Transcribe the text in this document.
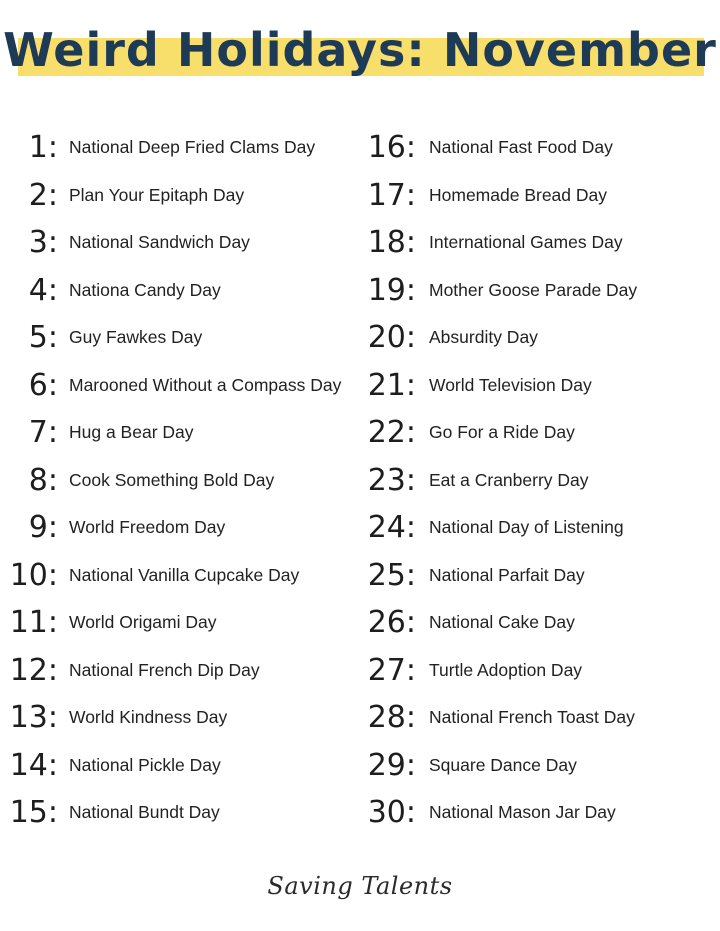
Weird Holidays: November
1: National Deep Fried Clams Day
2: Plan Your Epitaph Day
3: National Sandwich Day
4: Nationa Candy Day
5: Guy Fawkes Day
6: Marooned Without a Compass Day
7: Hug a Bear Day
8: Cook Something Bold Day
9: World Freedom Day
10: National Vanilla Cupcake Day
11: World Origami Day
12: National French Dip Day
13: World Kindness Day
14: National Pickle Day
15: National Bundt Day
16: National Fast Food Day
17: Homemade Bread Day
18: International Games Day
19: Mother Goose Parade Day
20: Absurdity Day
21: World Television Day
22: Go For a Ride Day
23: Eat a Cranberry Day
24: National Day of Listening
25: National Parfait Day
26: National Cake Day
27: Turtle Adoption Day
28: National French Toast Day
29: Square Dance Day
30: National Mason Jar Day
Saving Talents
